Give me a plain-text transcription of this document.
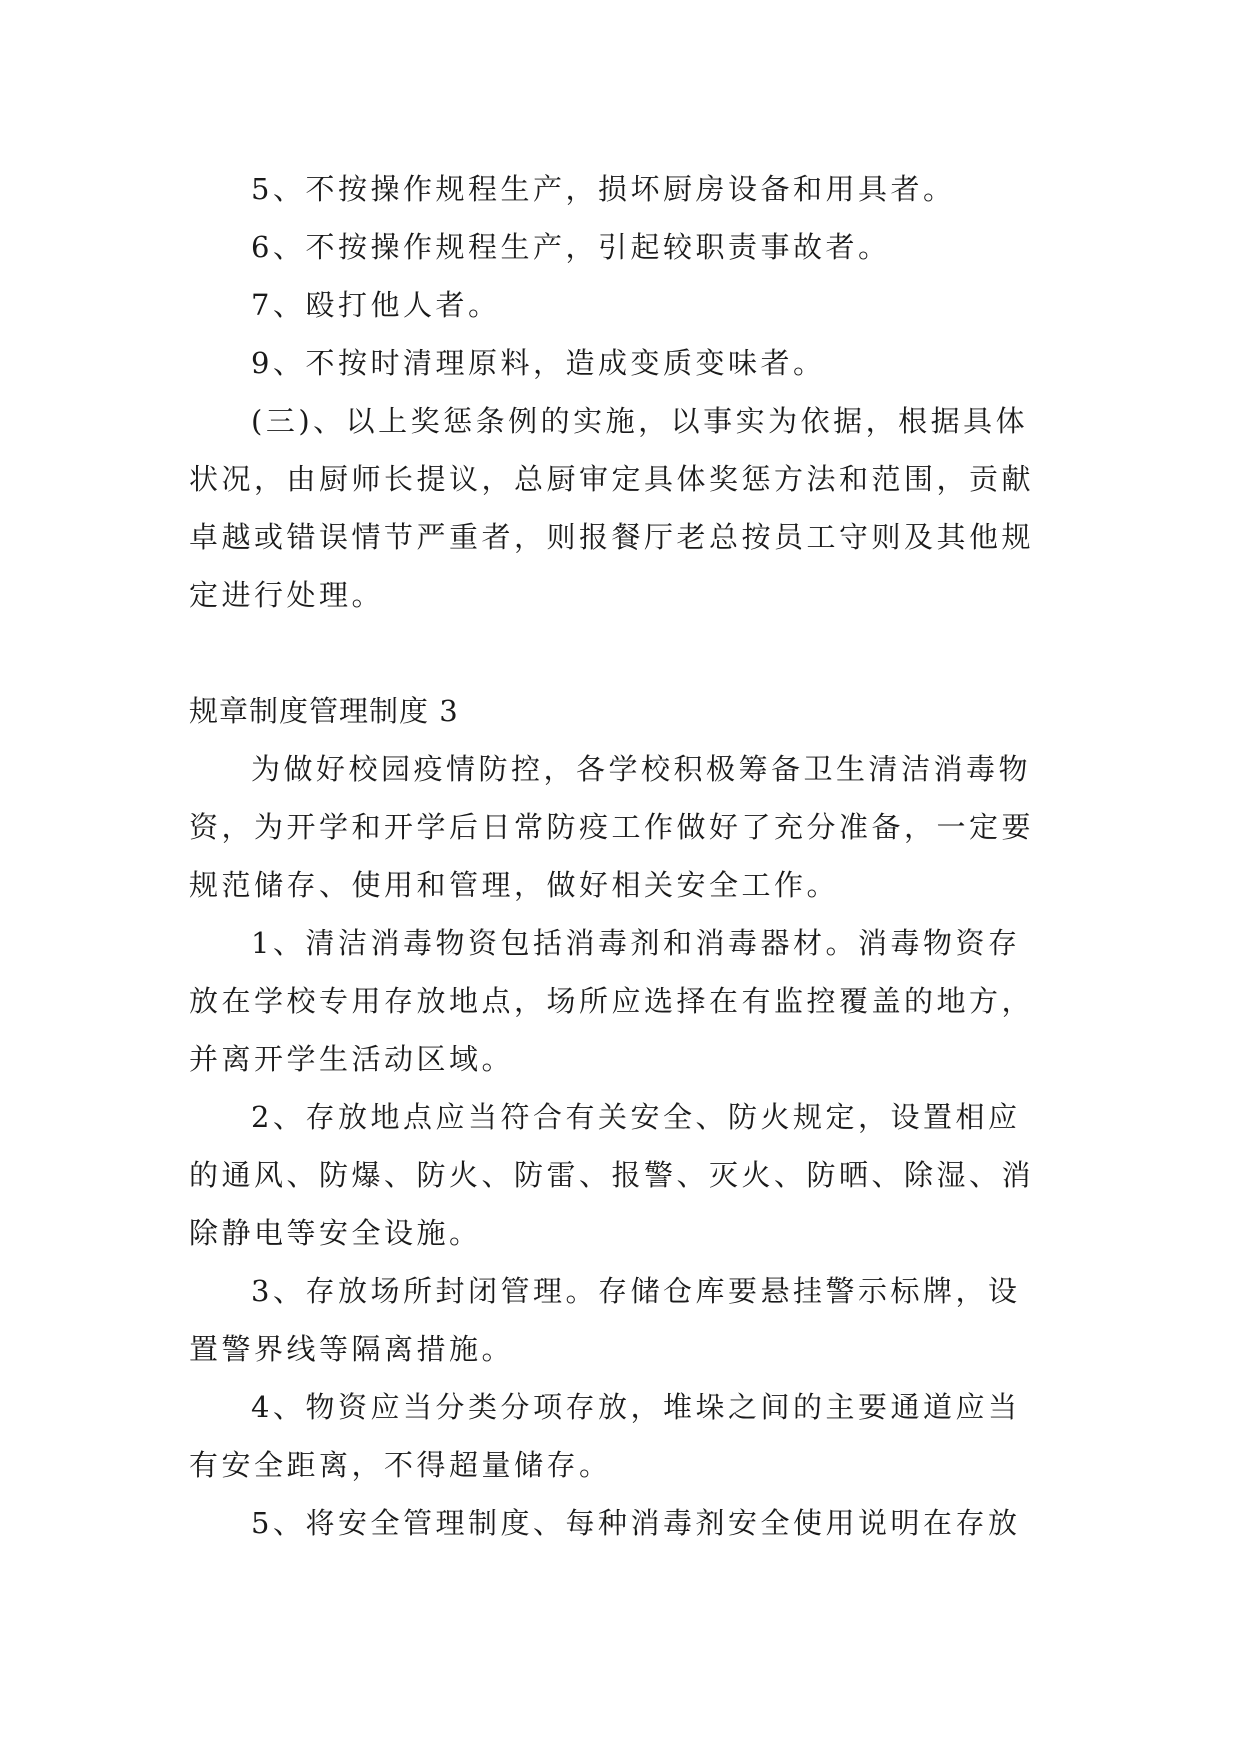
5、不按操作规程生产，损坏厨房设备和用具者。
6、不按操作规程生产，引起较职责事故者。
7、殴打他人者。
9、不按时清理原料，造成变质变味者。
(三)、以上奖惩条例的实施，以事实为依据，根据具体
状况，由厨师长提议，总厨审定具体奖惩方法和范围，贡献
卓越或错误情节严重者，则报餐厅老总按员工守则及其他规
定进行处理。
规章制度管理制度 3
为做好校园疫情防控，各学校积极筹备卫生清洁消毒物
资，为开学和开学后日常防疫工作做好了充分准备，一定要
规范储存、使用和管理，做好相关安全工作。
1、清洁消毒物资包括消毒剂和消毒器材。消毒物资存
放在学校专用存放地点，场所应选择在有监控覆盖的地方，
并离开学生活动区域。
2、存放地点应当符合有关安全、防火规定，设置相应
的通风、防爆、防火、防雷、报警、灭火、防晒、除湿、消
除静电等安全设施。
3、存放场所封闭管理。存储仓库要悬挂警示标牌，设
置警界线等隔离措施。
4、物资应当分类分项存放，堆垛之间的主要通道应当
有安全距离，不得超量储存。
5、将安全管理制度、每种消毒剂安全使用说明在存放
